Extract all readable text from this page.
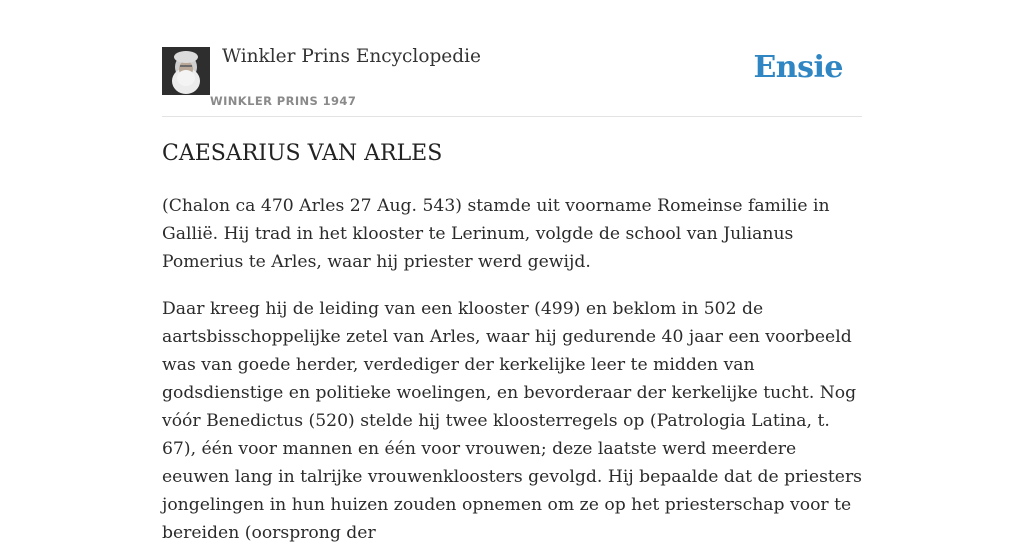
Winkler Prins Encyclopedie
WINKLER PRINS 1947
Ensie
CAESARIUS VAN ARLES

(Chalon ca 470 Arles 27 Aug. 543) stamde uit voorname Romeinse familie in Gallië. Hij trad in het klooster te Lerinum, volgde de school van Julianus Pomerius te Arles, waar hij priester werd gewijd.

Daar kreeg hij de leiding van een klooster (499) en beklom in 502 de aartsbisschoppelijke zetel van Arles, waar hij gedurende 40 jaar een voorbeeld was van goede herder, verdediger der kerkelijke leer te midden van godsdienstige en politieke woelingen, en bevorderaar der kerkelijke tucht. Nog vóór Benedictus (520) stelde hij twee kloosterregels op (Patrologia Latina, t. 67), één voor mannen en één voor vrouwen; deze laatste werd meerdere eeuwen lang in talrijke vrouwenkloosters gevolgd. Hij bepaalde dat de priesters jongelingen in hun huizen zouden opnemen om ze op het priesterschap voor te bereiden (oorsprong der
